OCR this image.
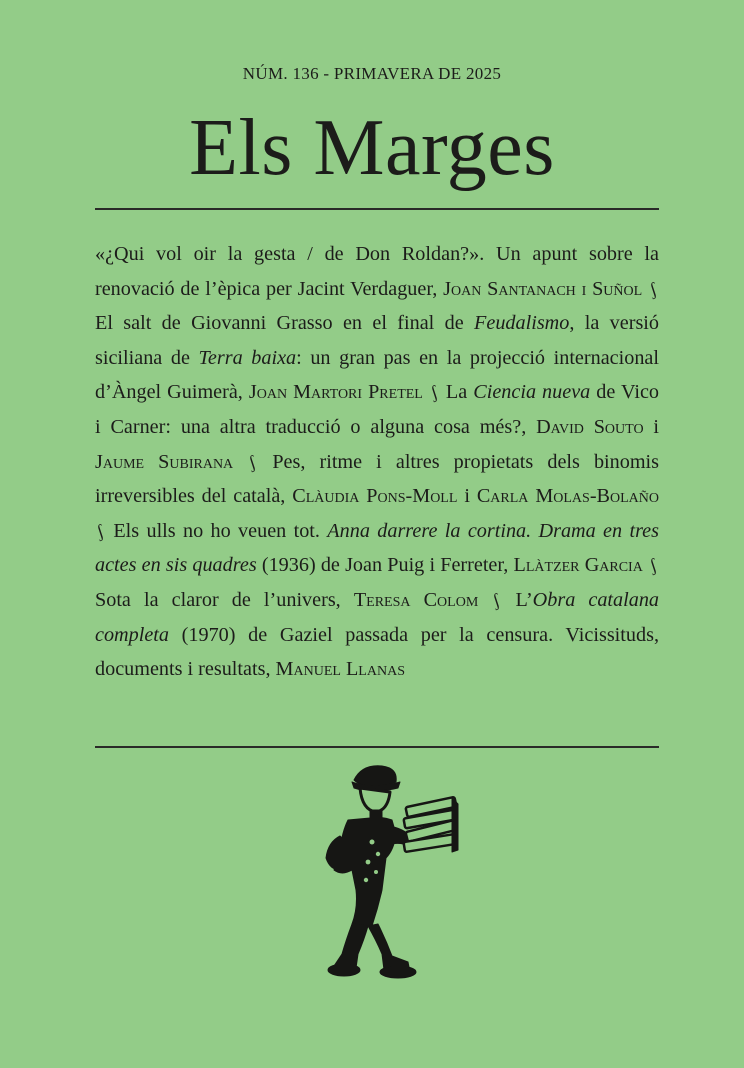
NÚM. 136 - PRIMAVERA DE 2025
Els Marges
«¿Qui vol oir la gesta / de Don Roldan?». Un apunt sobre la renovació de l’èpica per Jacint Verdaguer, Joan Santanach i Suñol ʃ El salt de Giovanni Grasso en el final de Feudalismo, la versió siciliana de Terra baixa: un gran pas en la projecció internacional d’Àngel Guimerà, Joan Martori Pretel ʃ La Ciencia nueva de Vico i Carner: una altra traducció o alguna cosa més?, David Souto i Jaume Subirana ʃ Pes, ritme i altres propietats dels binomis irreversibles del català, Clàudia Pons-Moll i Carla Molas-Bolaño ʃ Els ulls no ho veuen tot. Anna darrere la cortina. Drama en tres actes en sis quadres (1936) de Joan Puig i Ferreter, Llàtzer Garcia ʃ Sota la claror de l’univers, Teresa Colom ʃ L’Obra catalana completa (1970) de Gaziel passada per la censura. Vicissituds, documents i resultats, Manuel Llanas
